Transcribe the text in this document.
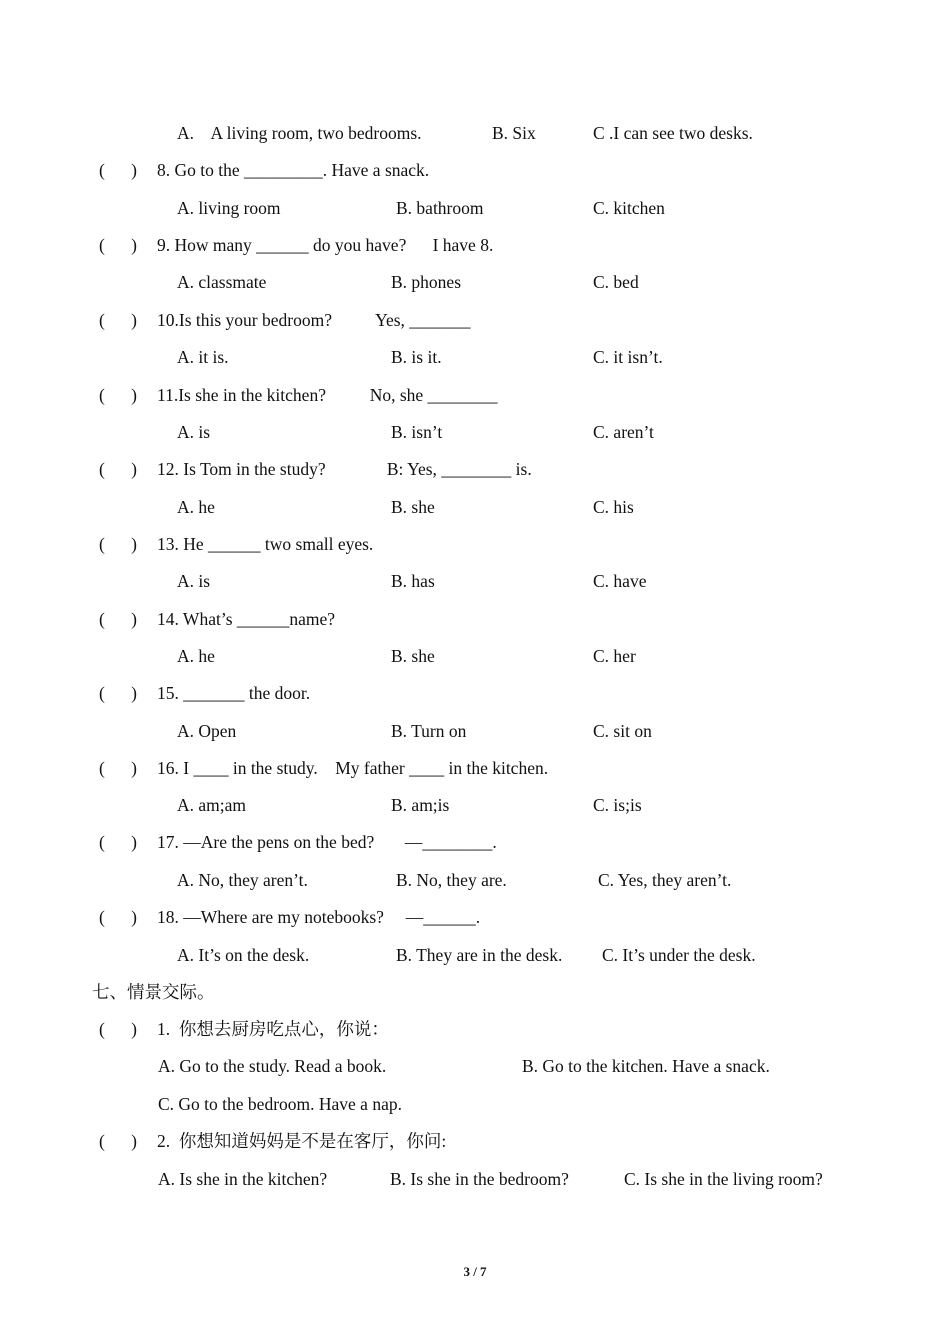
A.    A living room, two bedrooms.	B. Six	C .I can see two desks.
(      ) 8. Go to the _________. Have a snack.
A. living room	B. bathroom	C. kitchen
(      ) 9. How many ______ do you have?      I have 8.
A. classmate	B. phones	C. bed
(      ) 10.Is this your bedroom?          Yes, _______
A. it is.	B. is it.	C. it isn’t.
(      ) 11.Is she in the kitchen?          No, she ________
A. is	B. isn’t	C. aren’t
(      ) 12. Is Tom in the study?              B: Yes, ________ is.
A. he	B. she	C. his
(      ) 13. He ______ two small eyes.
A. is	B. has	C. have
(      ) 14. What’s ______name?
A. he	B. she	C. her
(      ) 15. _______ the door.
A. Open	B. Turn on	C. sit on
(      ) 16. I ____ in the study.    My father ____ in the kitchen.
A. am;am	B. am;is	C. is;is
(      ) 17. —Are the pens on the bed?       —________.
A. No, they aren’t.	B. No, they are.	C. Yes, they aren’t.
(      ) 18. —Where are my notebooks?     —______.
A. It’s on the desk.	B. They are in the desk. C. It’s under the desk.
七、情景交际。
(      ) 1.  你想去厨房吃点心，你说：
A. Go to the study. Read a book.	B. Go to the kitchen. Have a snack.
C. Go to the bedroom. Have a nap.
(      ) 2.  你想知道妈妈是不是在客厅，你问:
A. Is she in the kitchen?	B. Is she in the bedroom?	C. Is she in the living room?
3 / 7
